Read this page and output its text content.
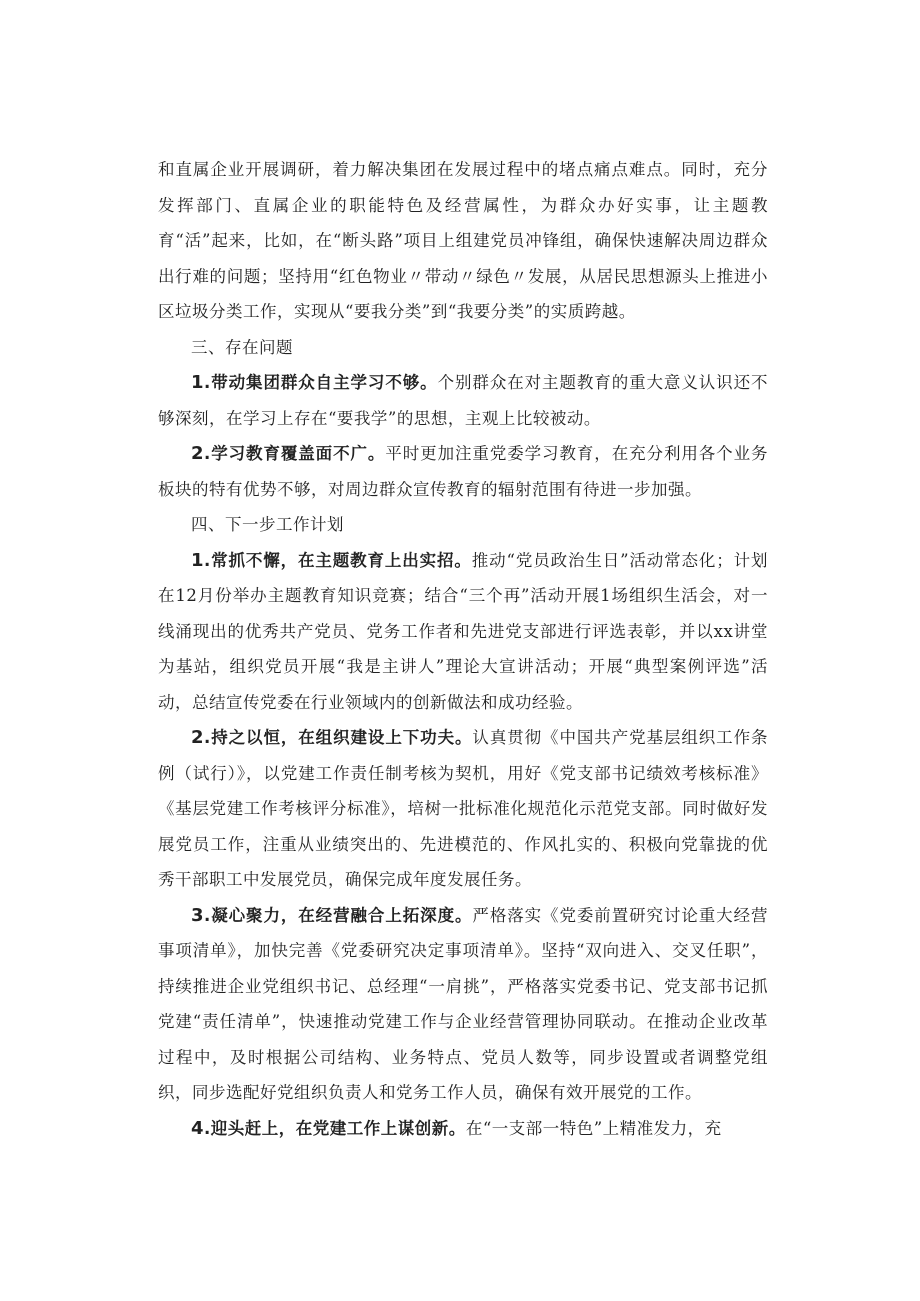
和直属企业开展调研，着力解决集团在发展过程中的堵点痛点难点。同时，充分发挥部门、直属企业的职能特色及经营属性，为群众办好实事，让主题教育“活”起来，比如，在“断头路”项目上组建党员冲锋组，确保快速解决周边群众出行难的问题；坚持用“红色物业〃带动〃绿色〃发展，从居民思想源头上推进小区垃圾分类工作，实现从“要我分类”到“我要分类”的实质跨越。

三、存在问题

1.带动集团群众自主学习不够。个别群众在对主题教育的重大意义认识还不够深刻，在学习上存在“要我学”的思想，主观上比较被动。

2.学习教育覆盖面不广。平时更加注重党委学习教育，在充分利用各个业务板块的特有优势不够，对周边群众宣传教育的辐射范围有待进一步加强。

四、下一步工作计划

1.常抓不懈，在主题教育上出实招。推动“党员政治生日”活动常态化；计划在12月份举办主题教育知识竞赛；结合“三个再”活动开展1场组织生活会，对一线涌现出的优秀共产党员、党务工作者和先进党支部进行评选表彰，并以xx讲堂为基站，组织党员开展“我是主讲人”理论大宣讲活动；开展“典型案例评选”活动，总结宣传党委在行业领域内的创新做法和成功经验。

2.持之以恒，在组织建设上下功夫。认真贯彻《中国共产党基层组织工作条例（试行）》，以党建工作责任制考核为契机，用好《党支部书记绩效考核标准》《基层党建工作考核评分标准》，培树一批标准化规范化示范党支部。同时做好发展党员工作，注重从业绩突出的、先进模范的、作风扎实的、积极向党靠拢的优秀干部职工中发展党员，确保完成年度发展任务。

3.凝心聚力，在经营融合上拓深度。严格落实《党委前置研究讨论重大经营事项清单》，加快完善《党委研究决定事项清单》。坚持“双向进入、交叉任职”，持续推进企业党组织书记、总经理“一肩挑”，严格落实党委书记、党支部书记抓党建“责任清单”，快速推动党建工作与企业经营管理协同联动。在推动企业改革过程中，及时根据公司结构、业务特点、党员人数等，同步设置或者调整党组织，同步选配好党组织负责人和党务工作人员，确保有效开展党的工作。

4.迎头赶上，在党建工作上谋创新。在“一支部一特色”上精准发力，充
